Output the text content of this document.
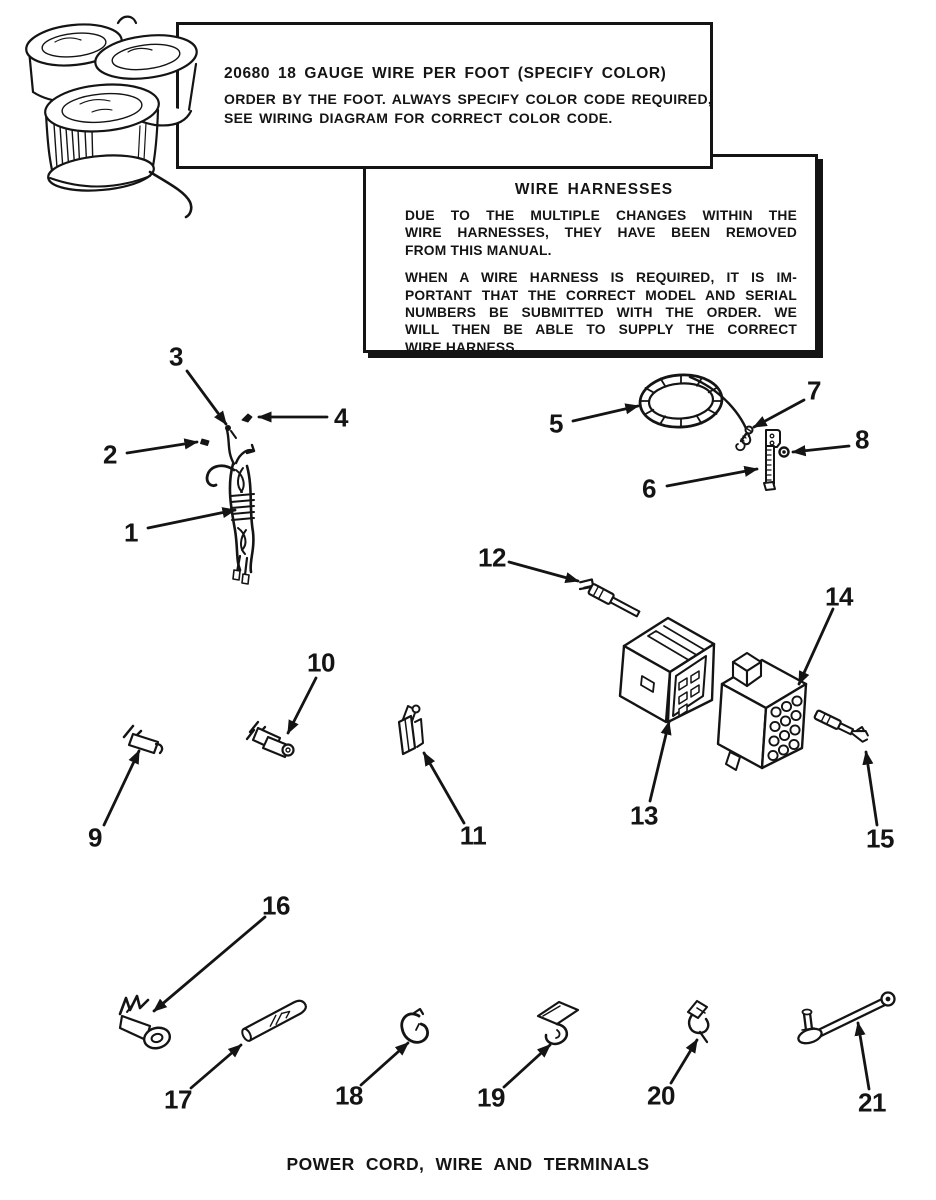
WIRE HARNESSES
DUE TO THE MULTIPLE CHANGES WITHIN THE
WIRE HARNESSES, THEY HAVE BEEN REMOVED
FROM THIS MANUAL.
WHEN A WIRE HARNESS IS REQUIRED, IT IS IM-
PORTANT THAT THE CORRECT MODEL AND SERIAL
NUMBERS BE SUBMITTED WITH THE ORDER. WE
WILL THEN BE ABLE TO SUPPLY THE CORRECT
WIRE HARNESS.
20680 18 GAUGE WIRE PER FOOT (SPECIFY COLOR)
ORDER BY THE FOOT. ALWAYS SPECIFY COLOR CODE REQUIRED,
SEE WIRING DIAGRAM FOR CORRECT COLOR CODE.
POWER CORD, WIRE AND TERMINALS
1
2
3
4	5
6
7
8
9
10
11
12
13
14
15
16
17	18	19	20	21
